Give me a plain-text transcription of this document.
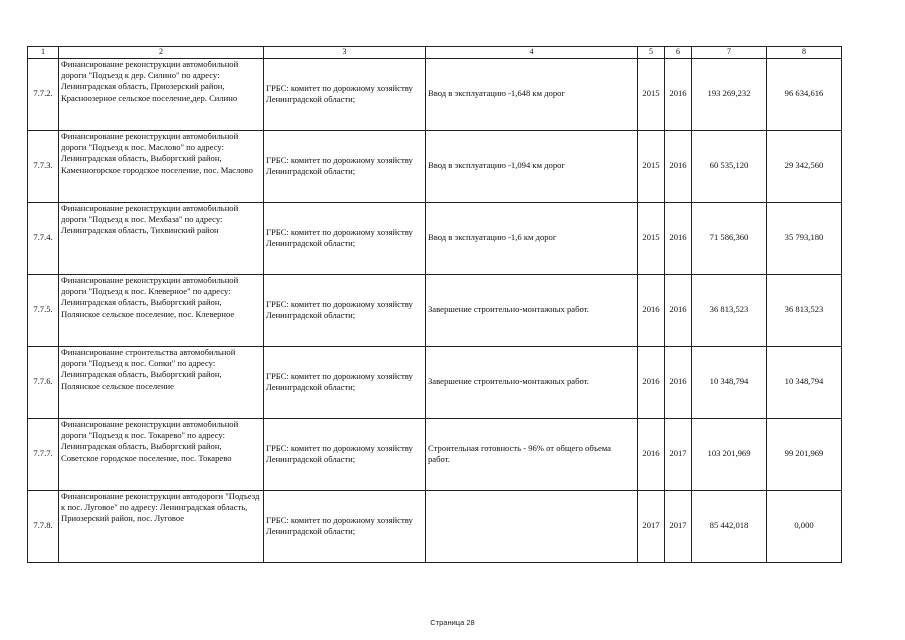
1	2	3	4	5	6	7	8
7.7.2.	Финансирование реконструкции автомобильной дороги "Подъезд к дер. Силино" по адресу: Ленинградская область, Приозерский район, Красноозерное сельское поселение,дер. Силино	ГРБС: комитет по дорожному хозяйству Ленинградской области;	Ввод в эксплуатацию -1,648 км дорог	2015	2016	193 269,232	96 634,616
7.7.3.	Финансирование реконструкции автомобильной дороги "Подъезд к пос. Маслово" по адресу: Ленинградская область, Выборгский район, Каменногорское городское поселение, пос. Маслово	ГРБС: комитет по дорожному хозяйству Ленинградской области;	Ввод в эксплуатацию -1,094 км дорог	2015	2016	60 535,120	29 342,560
7.7.4.	Финансирование реконструкции автомобильной дороги "Подъезд к пос. Мехбаза" по адресу: Ленинградская область, Тихвинский район	ГРБС: комитет по дорожному хозяйству Ленинградской области;	Ввод в эксплуатацию -1,6 км дорог	2015	2016	71 586,360	35 793,180
7.7.5.	Финансирование реконструкции автомобильной дороги "Подъезд к пос. Клеверное" по адресу: Ленинградская область, Выборгский район, Полянское сельское поселение, пос. Клеверное	ГРБС: комитет по дорожному хозяйству Ленинградской области;	Завершение строительно-монтажных работ.	2016	2016	36 813,523	36 813,523
7.7.6.	Финансирование строительства автомобильной дороги "Подъезд к пос. Сопки" по адресу: Ленинградская область, Выборгский район, Полянское сельское поселение	ГРБС: комитет по дорожному хозяйству Ленинградской области;	Завершение строительно-монтажных работ.	2016	2016	10 348,794	10 348,794
7.7.7.	Финансирование реконструкции автомобильной дороги "Подъезд к пос. Токарево" по адресу: Ленинградская область, Выборгский район, Советское городское поселение, пос. Токарево	ГРБС: комитет по дорожному хозяйству Ленинградской области;	Строительная готовность - 96% от общего объема работ.	2016	2017	103 201,969	99 201,969
7.7.8.	Финансирование реконструкции автодороги "Подъезд к пос. Луговое" по адресу: Ленинградская область, Приозерский район, пос. Луговое	ГРБС: комитет по дорожному хозяйству Ленинградской области;		2017	2017	85 442,018	0,000
Страница 28
